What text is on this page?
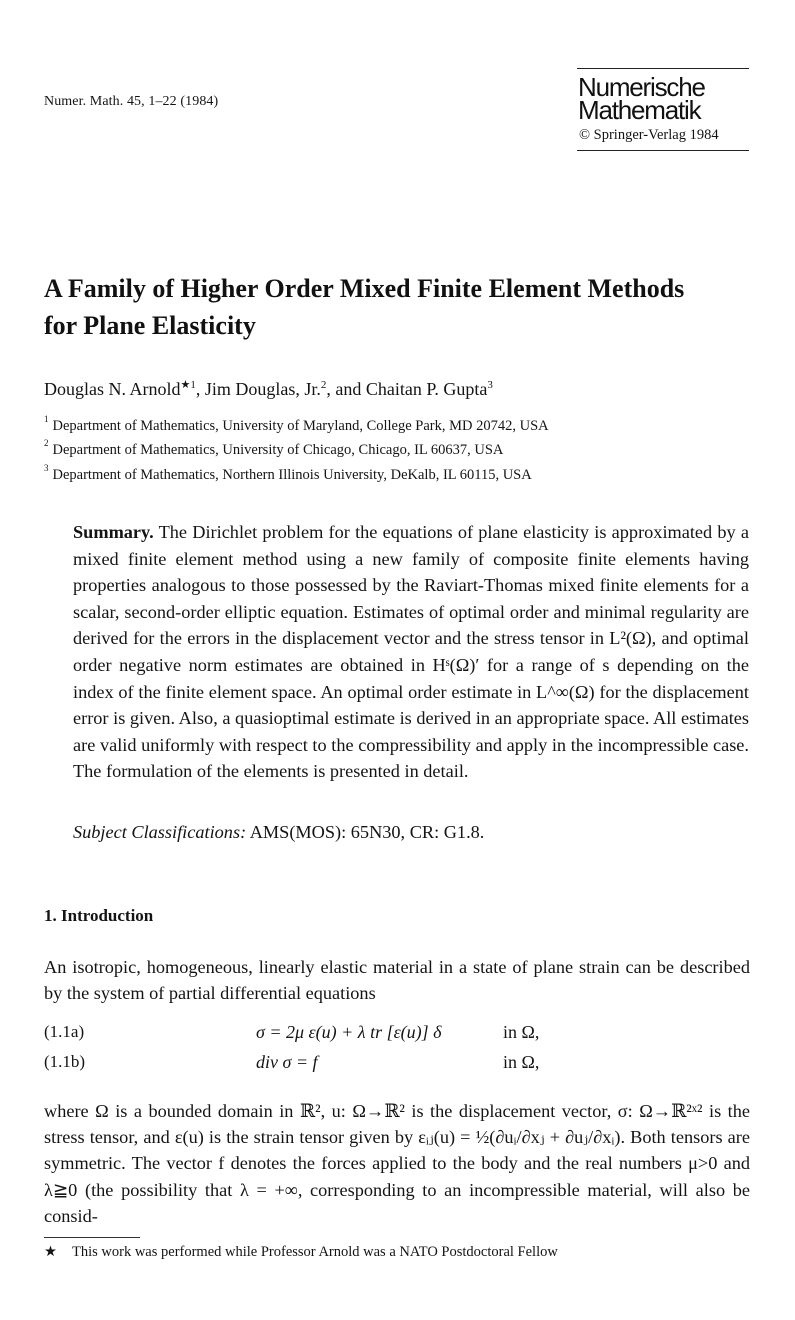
Numer. Math. 45, 1–22 (1984)	Numerische
Mathematik
© Springer-Verlag 1984
A Family of Higher Order Mixed Finite Element Methods
for Plane Elasticity
Douglas N. Arnold$^{★1}$, Jim Douglas, Jr.$^2$, and Chaitan P. Gupta$^3$
$^1$ Department of Mathematics, University of Maryland, College Park, MD 20742, USA
$^2$ Department of Mathematics, University of Chicago, Chicago, IL 60637, USA
$^3$ Department of Mathematics, Northern Illinois University, DeKalb, IL 60115, USA
Summary. The Dirichlet problem for the equations of plane elasticity is approximated by a mixed finite element method using a new family of composite finite elements having properties analogous to those possessed by the Raviart-Thomas mixed finite elements for a scalar, second-order elliptic equation. Estimates of optimal order and minimal regularity are derived for the errors in the displacement vector and the stress tensor in L²(Ω), and optimal order negative norm estimates are obtained in Hˢ(Ω)′ for a range of s depending on the index of the finite element space. An optimal order estimate in L^∞(Ω) for the displacement error is given. Also, a quasioptimal estimate is derived in an appropriate space. All estimates are valid uniformly with respect to the compressibility and apply in the incompressible case. The formulation of the elements is presented in detail.
Subject Classifications: AMS(MOS): 65N30, CR: G1.8.
1. Introduction
An isotropic, homogeneous, linearly elastic material in a state of plane strain can be described by the system of partial differential equations
(1.1a)	σ = 2μ ε(u) + λ tr [ε(u)] δ	in Ω,
(1.1b)	div σ = f	in Ω,
where Ω is a bounded domain in ℝ², u: Ω→ℝ² is the displacement vector, σ: Ω→ℝ²ˣ² is the stress tensor, and ε(u) is the strain tensor given by εᵢⱼ(u) = ½(∂uᵢ/∂xⱼ + ∂uⱼ/∂xᵢ). Both tensors are symmetric. The vector f denotes the forces applied to the body and the real numbers μ>0 and λ≧0 (the possibility that λ = +∞, corresponding to an incompressible material, will also be consid-
★ This work was performed while Professor Arnold was a NATO Postdoctoral Fellow
